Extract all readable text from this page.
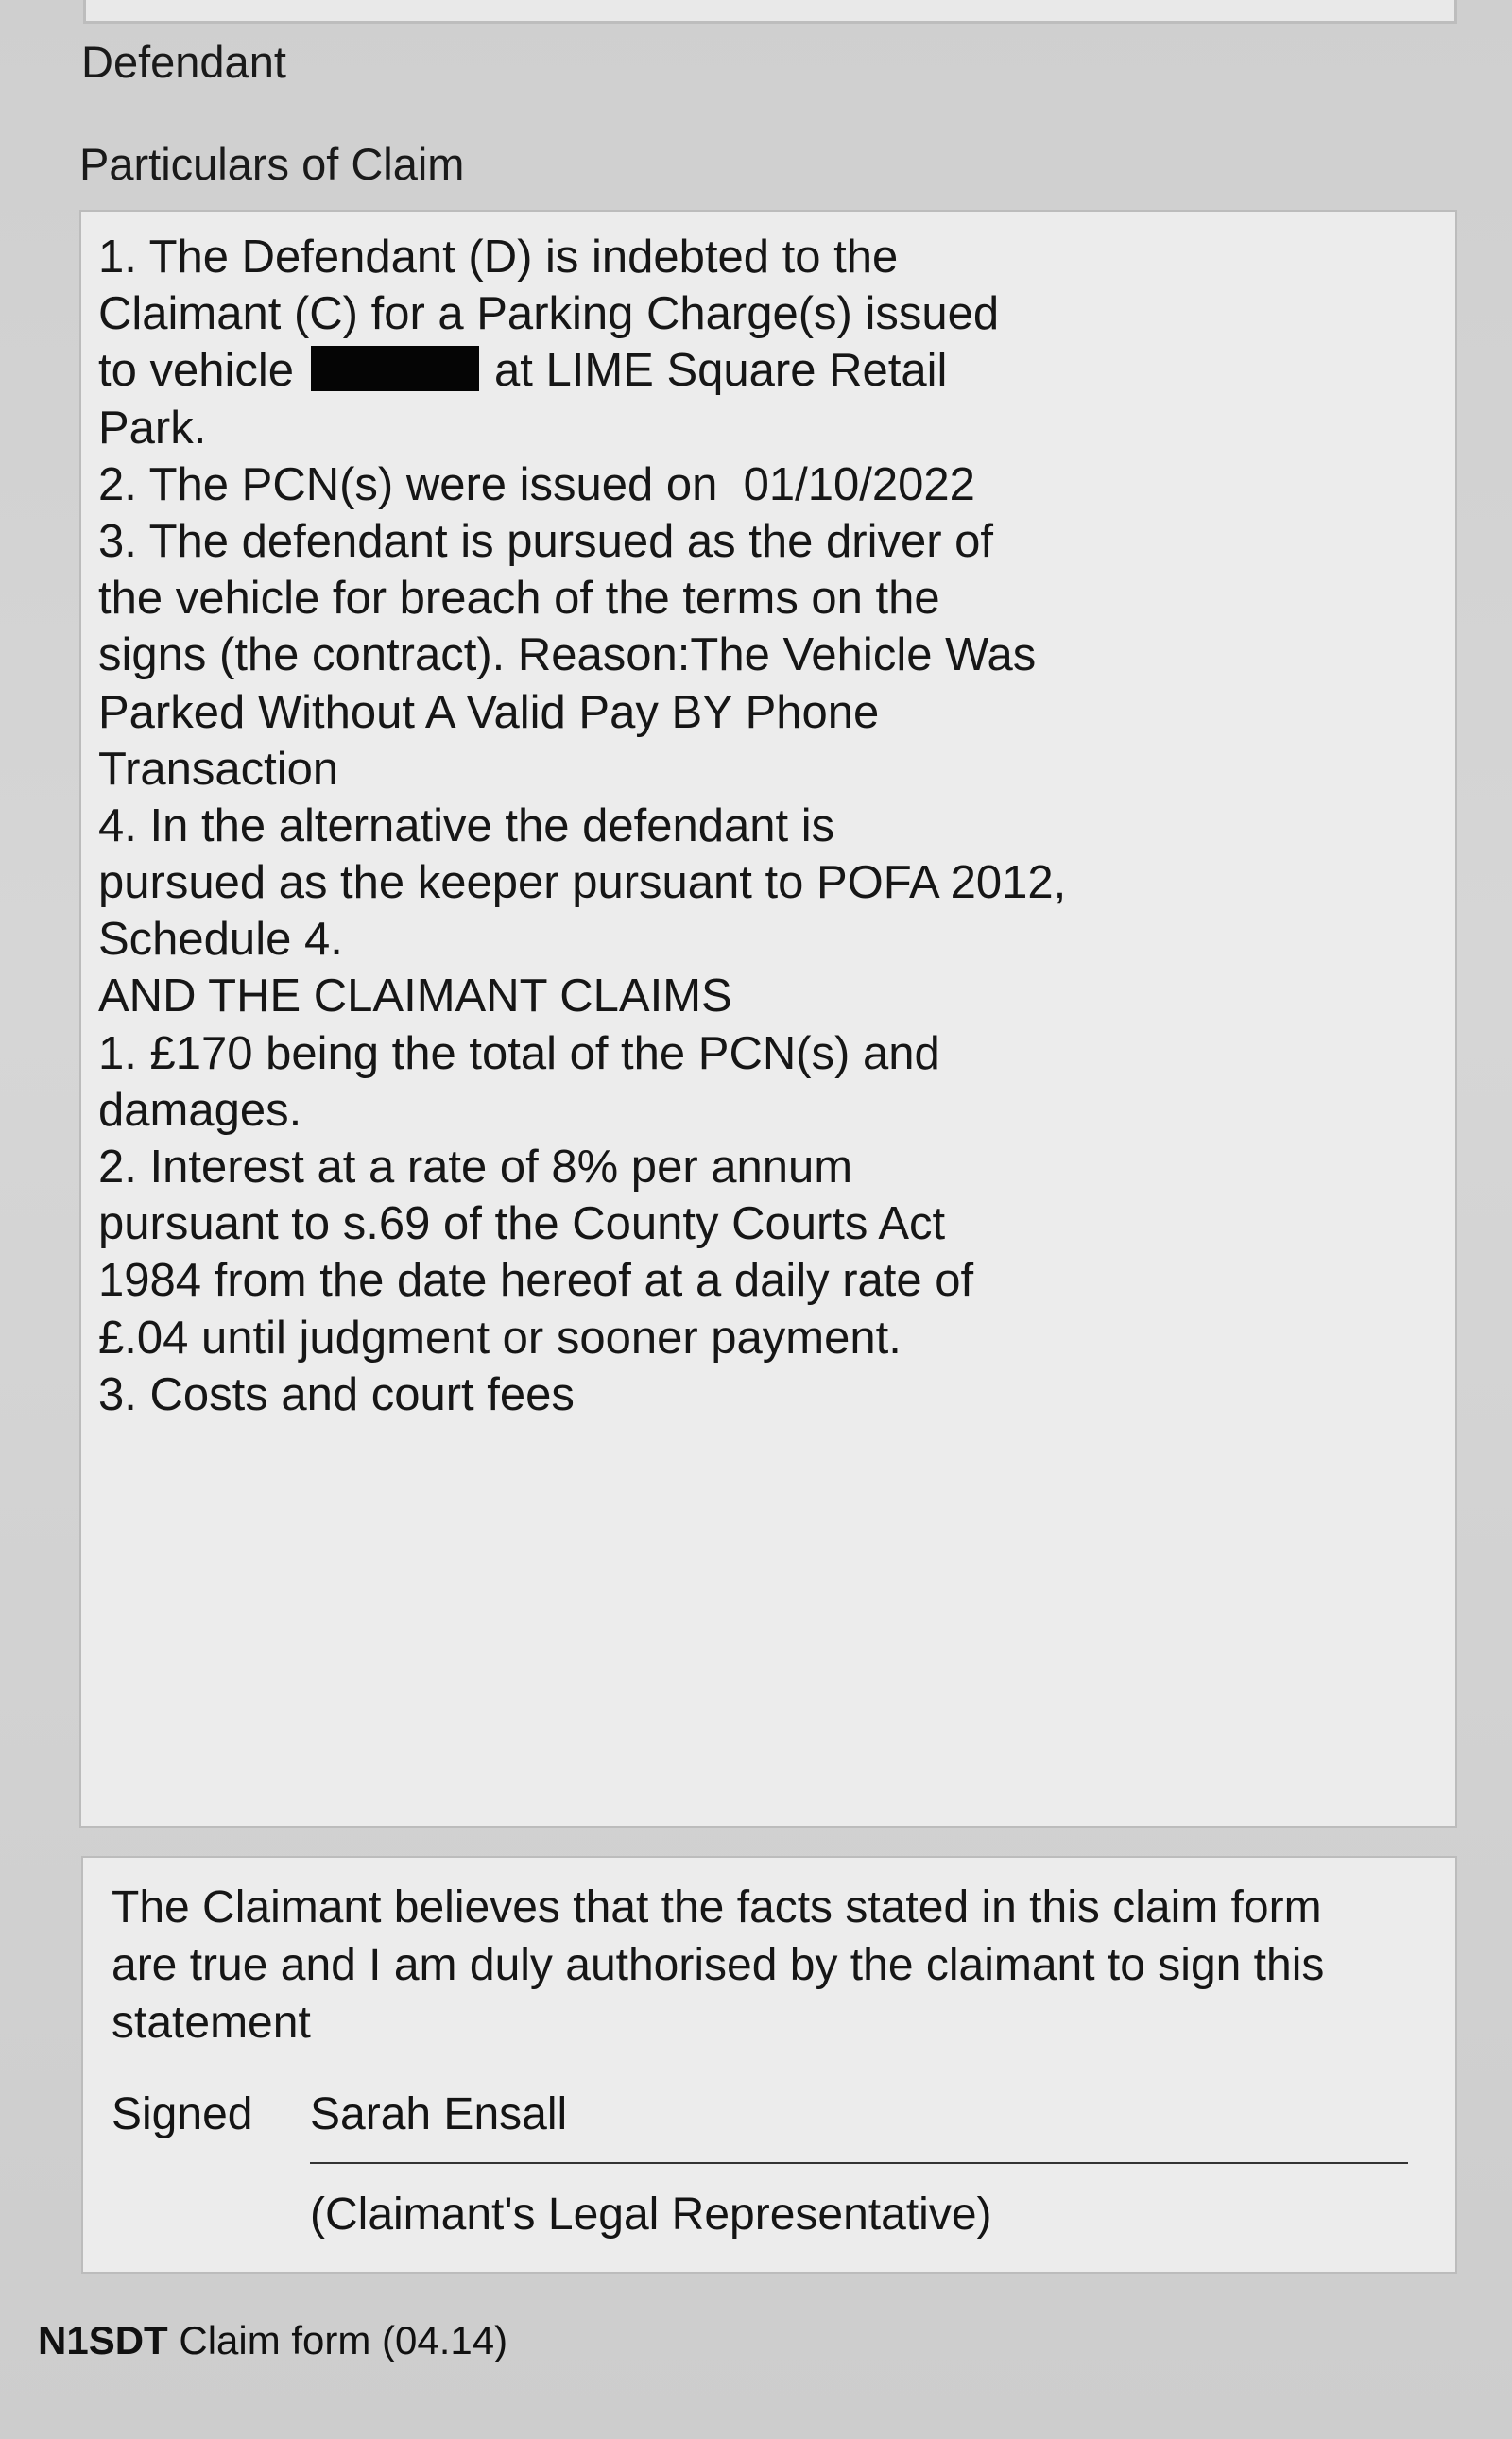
Defendant
Particulars of Claim
1. The Defendant (D) is indebted to the
Claimant (C) for a Parking Charge(s) issued
to vehicle	at LIME Square Retail
Park.
2. The PCN(s) were issued on  01/10/2022
3. The defendant is pursued as the driver of
the vehicle for breach of the terms on the
signs (the contract). Reason:The Vehicle Was
Parked Without A Valid Pay BY Phone
Transaction
4. In the alternative the defendant is
pursued as the keeper pursuant to POFA 2012,
Schedule 4.
AND THE CLAIMANT CLAIMS
1. £170 being the total of the PCN(s) and
damages.
2. Interest at a rate of 8% per annum
pursuant to s.69 of the County Courts Act
1984 from the date hereof at a daily rate of
£.04 until judgment or sooner payment.
3. Costs and court fees
The Claimant believes that the facts stated in this claim form
are true and I am duly authorised by the claimant to sign this
statement
Signed Sarah Ensall
(Claimant's Legal Representative)
N1SDT Claim form (04.14)
